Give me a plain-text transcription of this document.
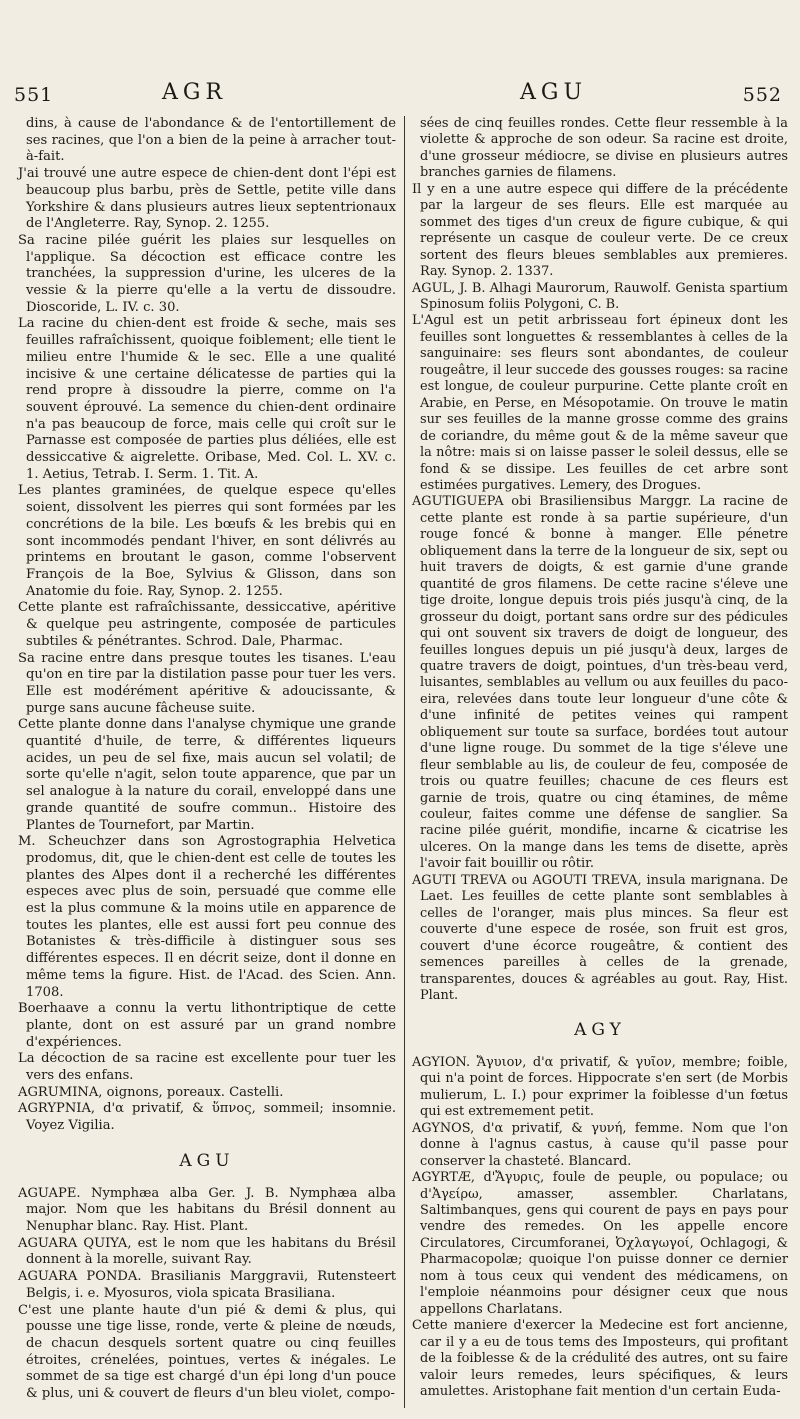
551	AGR	AGU	552

dins, à cause de l'abondance & de l'entortillement de ses racines, que l'on a bien de la peine à arracher tout-à-fait.

J'ai trouvé une autre espece de chien-dent dont l'épi est beaucoup plus barbu, près de Settle, petite ville dans Yorkshire & dans plusieurs autres lieux septentrionaux de l'Angleterre. Ray, Synop. 2. 1255.

Sa racine pilée guérit les plaies sur lesquelles on l'applique. Sa décoction est efficace contre les tranchées, la suppression d'urine, les ulceres de la vessie & la pierre qu'elle a la vertu de dissoudre. Dioscoride, L. IV. c. 30.

La racine du chien-dent est froide & seche, mais ses feuilles rafraîchissent, quoique foiblement; elle tient le milieu entre l'humide & le sec. Elle a une qualité incisive & une certaine délicatesse de parties qui la rend propre à dissoudre la pierre, comme on l'a souvent éprouvé. La semence du chien-dent ordinaire n'a pas beaucoup de force, mais celle qui croît sur le Parnasse est composée de parties plus déliées, elle est dessiccative & aigrelette. Oribase, Med. Col. L. XV. c. 1. Aetius, Tetrab. I. Serm. 1. Tit. A.

Les plantes graminées, de quelque espece qu'elles soient, dissolvent les pierres qui sont formées par les concrétions de la bile. Les bœufs & les brebis qui en sont incommodés pendant l'hiver, en sont délivrés au printems en broutant le gason, comme l'observent François de la Boe, Sylvius & Glisson, dans son Anatomie du foie. Ray, Synop. 2. 1255.

Cette plante est rafraîchissante, dessiccative, apéritive & quelque peu astringente, composée de particules subtiles & pénétrantes. Schrod. Dale, Pharmac.

Sa racine entre dans presque toutes les tisanes. L'eau qu'on en tire par la distilation passe pour tuer les vers. Elle est modérément apéritive & adoucissante, & purge sans aucune fâcheuse suite.

Cette plante donne dans l'analyse chymique une grande quantité d'huile, de terre, & différentes liqueurs acides, un peu de sel fixe, mais aucun sel volatil; de sorte qu'elle n'agit, selon toute apparence, que par un sel analogue à la nature du corail, enveloppé dans une grande quantité de soufre commun.. Histoire des Plantes de Tournefort, par Martin.

M. Scheuchzer dans son Agrostographia Helvetica prodomus, dit, que le chien-dent est celle de toutes les plantes des Alpes dont il a recherché les différentes especes avec plus de soin, persuadé que comme elle est la plus commune & la moins utile en apparence de toutes les plantes, elle est aussi fort peu connue des Botanistes & très-difficile à distinguer sous ses différentes especes. Il en décrit seize, dont il donne en même tems la figure. Hist. de l'Acad. des Scien. Ann. 1708.

Boerhaave a connu la vertu lithontriptique de cette plante, dont on est assuré par un grand nombre d'expériences.

La décoction de sa racine est excellente pour tuer les vers des enfans.

AGRUMINA, oignons, poreaux. Castelli.

AGRYPNIA, d'α privatif, & ὕπνος, sommeil; insomnie. Voyez Vigilia.

AGU

AGUAPE. Nymphæa alba Ger. J. B. Nymphæa alba major. Nom que les habitans du Brésil donnent au Nenuphar blanc. Ray. Hist. Plant.

AGUARA QUIYA, est le nom que les habitans du Brésil donnent à la morelle, suivant Ray.

AGUARA PONDA. Brasilianis Marggravii, Rutensteert Belgis, i. e. Myosuros, viola spicata Brasiliana.

C'est une plante haute d'un pié & demi & plus, qui pousse une tige lisse, ronde, verte & pleine de nœuds, de chacun desquels sortent quatre ou cinq feuilles étroites, crénelées, pointues, vertes & inégales. Le sommet de sa tige est chargé d'un épi long d'un pouce & plus, uni & couvert de fleurs d'un bleu violet, compo-

sées de cinq feuilles rondes. Cette fleur ressemble à la violette & approche de son odeur. Sa racine est droite, d'une grosseur médiocre, se divise en plusieurs autres branches garnies de filamens.

Il y en a une autre espece qui differe de la précédente par la largeur de ses fleurs. Elle est marquée au sommet des tiges d'un creux de figure cubique, & qui représente un casque de couleur verte. De ce creux sortent des fleurs bleues semblables aux premieres. Ray. Synop. 2. 1337.

AGUL, J. B. Alhagi Maurorum, Rauwolf. Genista spartium Spinosum foliis Polygoni, C. B.

L'Agul est un petit arbrisseau fort épineux dont les feuilles sont longuettes & ressemblantes à celles de la sanguinaire: ses fleurs sont abondantes, de couleur rougeâtre, il leur succede des gousses rouges: sa racine est longue, de couleur purpurine. Cette plante croît en Arabie, en Perse, en Mésopotamie. On trouve le matin sur ses feuilles de la manne grosse comme des grains de coriandre, du même gout & de la même saveur que la nôtre: mais si on laisse passer le soleil dessus, elle se fond & se dissipe. Les feuilles de cet arbre sont estimées purgatives. Lemery, des Drogues.

AGUTIGUEPA obi Brasiliensibus Marggr. La racine de cette plante est ronde à sa partie supérieure, d'un rouge foncé & bonne à manger. Elle pénetre obliquement dans la terre de la longueur de six, sept ou huit travers de doigts, & est garnie d'une grande quantité de gros filamens. De cette racine s'éleve une tige droite, longue depuis trois piés jusqu'à cinq, de la grosseur du doigt, portant sans ordre sur des pédicules qui ont souvent six travers de doigt de longueur, des feuilles longues depuis un pié jusqu'à deux, larges de quatre travers de doigt, pointues, d'un très-beau verd, luisantes, semblables au vellum ou aux feuilles du paco-eira, relevées dans toute leur longueur d'une côte & d'une infinité de petites veines qui rampent obliquement sur toute sa surface, bordées tout autour d'une ligne rouge. Du sommet de la tige s'éleve une fleur semblable au lis, de couleur de feu, composée de trois ou quatre feuilles; chacune de ces fleurs est garnie de trois, quatre ou cinq étamines, de même couleur, faites comme une défense de sanglier. Sa racine pilée guérit, mondifie, incarne & cicatrise les ulceres. On la mange dans les tems de disette, après l'avoir fait bouillir ou rôtir.

AGUTI TREVA ou AGOUTI TREVA, insula marignana. De Laet. Les feuilles de cette plante sont semblables à celles de l'oranger, mais plus minces. Sa fleur est couverte d'une espece de rosée, son fruit est gros, couvert d'une écorce rougeâtre, & contient des semences pareilles à celles de la grenade, transparentes, douces & agréables au gout. Ray, Hist. Plant.

AGY

AGYION. Ἄγυιον, d'α privatif, & γυῖον, membre; foible, qui n'a point de forces. Hippocrate s'en sert (de Morbis mulierum, L. I.) pour exprimer la foiblesse d'un fœtus qui est extremement petit.

AGYNOS, d'α privatif, & γυνή, femme. Nom que l'on donne à l'agnus castus, à cause qu'il passe pour conserver la chasteté. Blancard.

AGYRTÆ, d'Ἄγυρις, foule de peuple, ou populace; ou d'Ἀγείρω, amasser, assembler. Charlatans, Saltimbanques, gens qui courent de pays en pays pour vendre des remedes. On les appelle encore Circulatores, Circumforanei, Ὀχλαγωγοί, Ochlagogi, & Pharmacopolæ; quoique l'on puisse donner ce dernier nom à tous ceux qui vendent des médicamens, on l'emploie néanmoins pour désigner ceux que nous appellons Charlatans.

Cette maniere d'exercer la Medecine est fort ancienne, car il y a eu de tous tems des Imposteurs, qui profitant de la foiblesse & de la crédulité des autres, ont su faire valoir leurs remedes, leurs spécifiques, & leurs amulettes. Aristophane fait mention d'un certain Euda-
